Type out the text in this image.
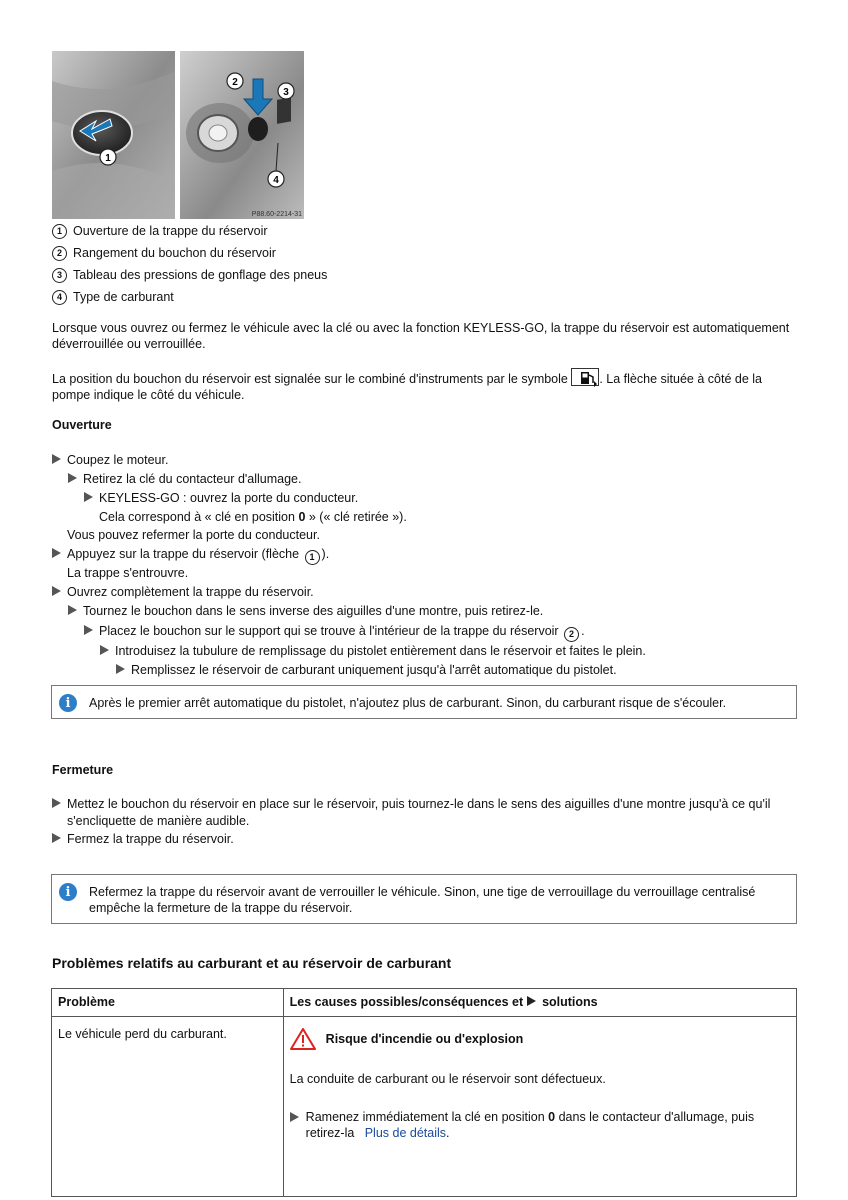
1
2
3
4
P88.60-2214-31
1 Ouverture de la trappe du réservoir
2 Rangement du bouchon du réservoir
3 Tableau des pressions de gonflage des pneus
4 Type de carburant
Lorsque vous ouvrez ou fermez le véhicule avec la clé ou avec la fonction KEYLESS-GO, la trappe du réservoir est automatiquement déverrouillée ou verrouillée.
La position du bouchon du réservoir est signalée sur le combiné d'instruments par le symbole	. La flèche située à côté de la
pompe indique le côté du véhicule.
Ouverture
Coupez le moteur.
Retirez la clé du contacteur d'allumage.
KEYLESS-GO : ouvrez la porte du conducteur.
Cela correspond à « clé en position 0 » (« clé retirée »).
Vous pouvez refermer la porte du conducteur.
Appuyez sur la trappe du réservoir (flèche 1 ).
La trappe s'entrouvre.
Ouvrez complètement la trappe du réservoir.
Tournez le bouchon dans le sens inverse des aiguilles d'une montre, puis retirez-le.
Placez le bouchon sur le support qui se trouve à l'intérieur de la trappe du réservoir 2 .
Introduisez la tubulure de remplissage du pistolet entièrement dans le réservoir et faites le plein.
Remplissez le réservoir de carburant uniquement jusqu'à l'arrêt automatique du pistolet.
i	Après le premier arrêt automatique du pistolet, n'ajoutez plus de carburant. Sinon, du carburant risque de s'écouler.
Fermeture
Mettez le bouchon du réservoir en place sur le réservoir, puis tournez-le dans le sens des aiguilles d'une montre jusqu'à ce qu'il
s'encliquette de manière audible.
Fermez la trappe du réservoir.
i	Refermez la trappe du réservoir avant de verrouiller le véhicule. Sinon, une tige de verrouillage du verrouillage centralisé empêche la fermeture de la trappe du réservoir.
Problèmes relatifs au carburant et au réservoir de carburant
Problème	Les causes possibles/conséquences et  solutions
Le véhicule perd du carburant.	Risque d'incendie ou d'explosion
La conduite de carburant ou le réservoir sont défectueux.
Ramenez immédiatement la clé en position 0 dans le contacteur d'allumage, puis
retirez-la Plus de détails.
